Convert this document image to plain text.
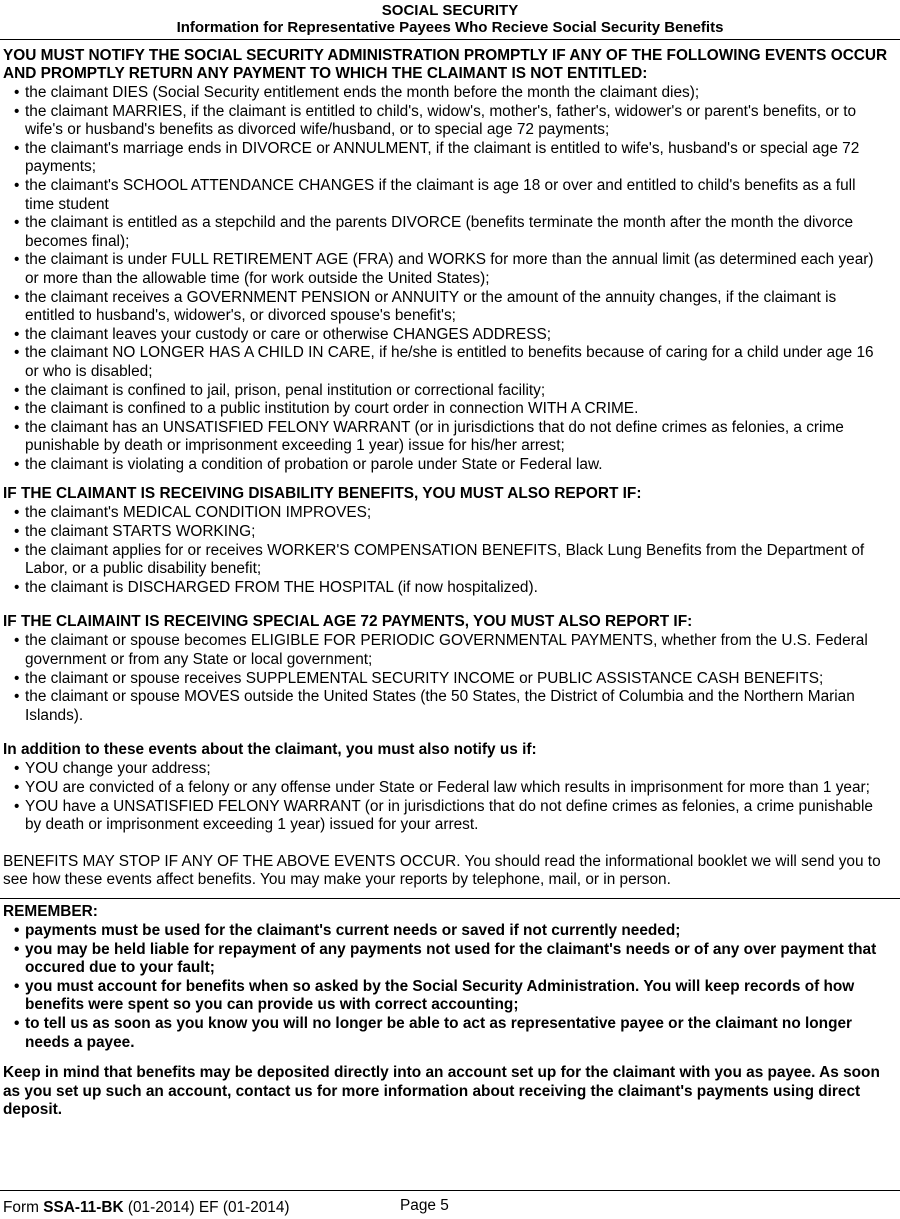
SOCIAL SECURITY
Information for Representative Payees Who Recieve Social Security Benefits
YOU MUST NOTIFY THE SOCIAL SECURITY ADMINISTRATION PROMPTLY IF ANY OF THE FOLLOWING EVENTS OCCUR AND PROMPTLY RETURN ANY PAYMENT TO WHICH THE CLAIMANT IS NOT ENTITLED:
• the claimant DIES (Social Security entitlement ends the month before the month the claimant dies);
• the claimant MARRIES, if the claimant is entitled to child's, widow's, mother's, father's, widower's or parent's benefits, or to wife's or husband's benefits as divorced wife/husband, or to special age 72 payments;
• the claimant's marriage ends in DIVORCE or ANNULMENT, if the claimant is entitled to wife's, husband's or special age 72 payments;
• the claimant's SCHOOL ATTENDANCE CHANGES if the claimant is age 18 or over and entitled to child's benefits as a full time student
• the claimant is entitled as a stepchild and the parents DIVORCE (benefits terminate the month after the month the divorce becomes final);
• the claimant is under FULL RETIREMENT AGE (FRA) and WORKS for more than the annual limit (as determined each year) or more than the allowable time (for work outside the United States);
• the claimant receives a GOVERNMENT PENSION or ANNUITY or the amount of the annuity changes, if the claimant is entitled to husband's, widower's, or divorced spouse's benefit's;
• the claimant leaves your custody or care or otherwise CHANGES ADDRESS;
• the claimant NO LONGER HAS A CHILD IN CARE, if he/she is entitled to benefits because of caring for a child under age 16 or who is disabled;
• the claimant is confined to jail, prison, penal institution or correctional facility;
• the claimant is confined to a public institution by court order in connection WITH A CRIME.
• the claimant has an UNSATISFIED FELONY WARRANT (or in jurisdictions that do not define crimes as felonies, a crime punishable by death or imprisonment exceeding 1 year) issue for his/her arrest;
• the claimant is violating a condition of probation or parole under State or Federal law.
IF THE CLAIMANT IS RECEIVING DISABILITY BENEFITS, YOU MUST ALSO REPORT IF:
• the claimant's MEDICAL CONDITION IMPROVES;
• the claimant STARTS WORKING;
• the claimant applies for or receives WORKER'S COMPENSATION BENEFITS, Black Lung Benefits from the Department of Labor, or a public disability benefit;
• the claimant is DISCHARGED FROM THE HOSPITAL (if now hospitalized).
IF THE CLAIMAINT IS RECEIVING SPECIAL AGE 72 PAYMENTS, YOU MUST ALSO REPORT IF:
• the claimant or spouse becomes ELIGIBLE FOR PERIODIC GOVERNMENTAL PAYMENTS, whether from the U.S. Federal government or from any State or local government;
• the claimant or spouse receives SUPPLEMENTAL SECURITY INCOME or PUBLIC ASSISTANCE CASH BENEFITS;
• the claimant or spouse MOVES outside the United States (the 50 States, the District of Columbia and the Northern Marian Islands).
In addition to these events about the claimant, you must also notify us if:
• YOU change your address;
• YOU are convicted of a felony or any offense under State or Federal law which results in imprisonment for more than 1 year;
• YOU have a UNSATISFIED FELONY WARRANT (or in jurisdictions that do not define crimes as felonies, a crime punishable by death or imprisonment exceeding 1 year) issued for your arrest.
BENEFITS MAY STOP IF ANY OF THE ABOVE EVENTS OCCUR. You should read the informational booklet we will send you to see how these events affect benefits. You may make your reports by telephone, mail, or in person.
REMEMBER:
• payments must be used for the claimant's current needs or saved if not currently needed;
• you may be held liable for repayment of any payments not used for the claimant's needs or of any over payment that occured due to your fault;
• you must account for benefits when so asked by the Social Security Administration. You will keep records of how benefits were spent so you can provide us with correct accounting;
• to tell us as soon as you know you will no longer be able to act as representative payee or the claimant no longer needs a payee.
Keep in mind that benefits may be deposited directly into an account set up for the claimant with you as payee. As soon as you set up such an account, contact us for more information about receiving the claimant's payments using direct deposit.
Form SSA-11-BK (01-2014) EF (01-2014)	Page 5
